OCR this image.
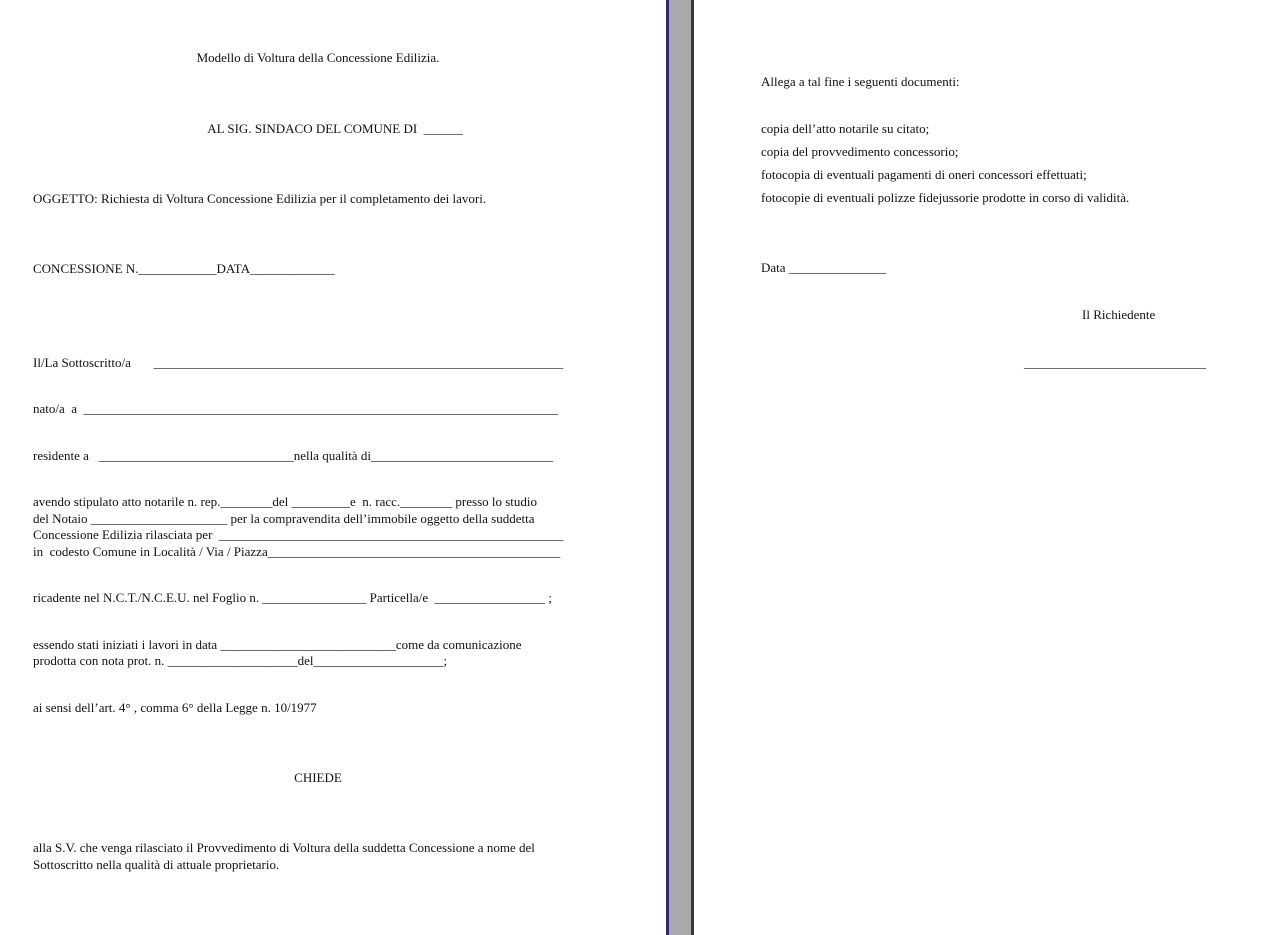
Modello di Voltura della Concessione Edilizia.
AL SIG. SINDACO DEL COMUNE DI  ______
OGGETTO: Richiesta di Voltura Concessione Edilizia per il completamento dei lavori.
CONCESSIONE N.____________DATA_____________
Il/La Sottoscritto/a       _______________________________________________________________
nato/a  a  _________________________________________________________________________
residente a   ______________________________nella qualità di____________________________
avendo stipulato atto notarile n. rep.________del _________e  n. racc.________ presso lo studio
del Notaio _____________________ per la compravendita dell’immobile oggetto della suddetta
Concessione Edilizia rilasciata per  _____________________________________________________
in  codesto Comune in Località / Via / Piazza_____________________________________________
ricadente nel N.C.T./N.C.E.U. nel Foglio n. ________________ Particella/e  _________________ ;
essendo stati iniziati i lavori in data ___________________________come da comunicazione
prodotta con nota prot. n. ____________________del____________________;
ai sensi dell’art. 4° , comma 6° della Legge n. 10/1977
CHIEDE
alla S.V. che venga rilasciato il Provvedimento di Voltura della suddetta Concessione a nome del
Sottoscritto nella qualità di attuale proprietario.
Allega a tal fine i seguenti documenti:
copia dell’atto notarile su citato;
copia del provvedimento concessorio;
fotocopia di eventuali pagamenti di oneri concessori effettuati;
fotocopie di eventuali polizze fidejussorie prodotte in corso di validità.
Data _______________
Il Richiedente
____________________________
